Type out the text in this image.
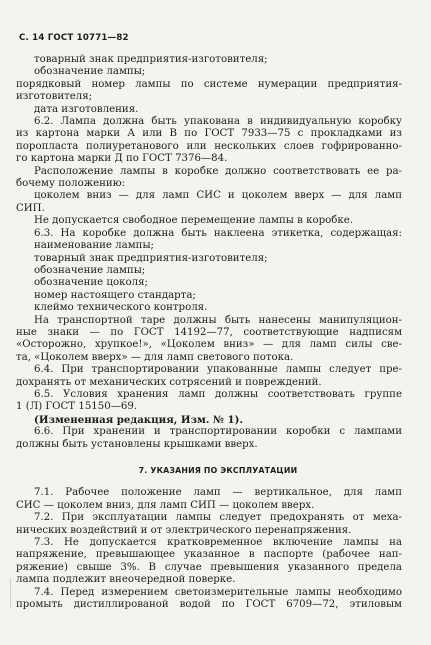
С. 14 ГОСТ 10771—82
товарный знак предприятия-изготовителя;
обозначение лампы;
порядковый номер лампы по системе нумерации предприятия-
изготовителя;
дата изготовления.
6.2. Лампа должна быть упакована в индивидуальную коробку
из картона марки А или В по ГОСТ 7933—75 с прокладками из
поропласта полиуретанового или нескольких слоев гофрированно-
го картона марки Д по ГОСТ 7376—84.
Расположение лампы в коробке должно соответствовать ее ра-
бочему положению:
цоколем вниз — для ламп СИС и цоколем вверх — для ламп
СИП.
Не допускается свободное перемещение лампы в коробке.
6.3. На коробке должна быть наклеена этикетка, содержащая:
наименование лампы;
товарный знак предприятия-изготовителя;
обозначение лампы;
обозначение цоколя;
номер настоящего стандарта;
клеймо технического контроля.
На транспортной таре должны быть нанесены манипуляцион-
ные знаки — по ГОСТ 14192—77, соответствующие надписям
«Осторожно, хрупкое!», «Цоколем вниз» — для ламп силы све-
та, «Цоколем вверх» — для ламп светового потока.
6.4. При транспортировании упакованные лампы следует пре-
дохранять от механических сотрясений и повреждений.
6.5. Условия хранения ламп должны соответствовать группе
1 (Л) ГОСТ 15150—69.
(Измененная редакция, Изм. № 1).
6.6. При хранении и транспортировании коробки с лампами
должны быть установлены крышками вверх.
7. УКАЗАНИЯ ПО ЭКСПЛУАТАЦИИ
7.1. Рабочее положение ламп — вертикальное, для ламп
СИС — цоколем вниз, для ламп СИП — цоколем вверх.
7.2. При эксплуатации лампы следует предохранять от меха-
нических воздействий и от электрического перенапряжения.
7.3. Не допускается кратковременное включение лампы на
напряжение, превышающее указанное в паспорте (рабочее нап-
ряжение) свыше 3%. В случае превышения указанного предела
лампа подлежит внеочередной поверке.
7.4. Перед измерением светоизмерительные лампы необходимо
промыть дистиллированой водой по ГОСТ 6709—72, этиловым
